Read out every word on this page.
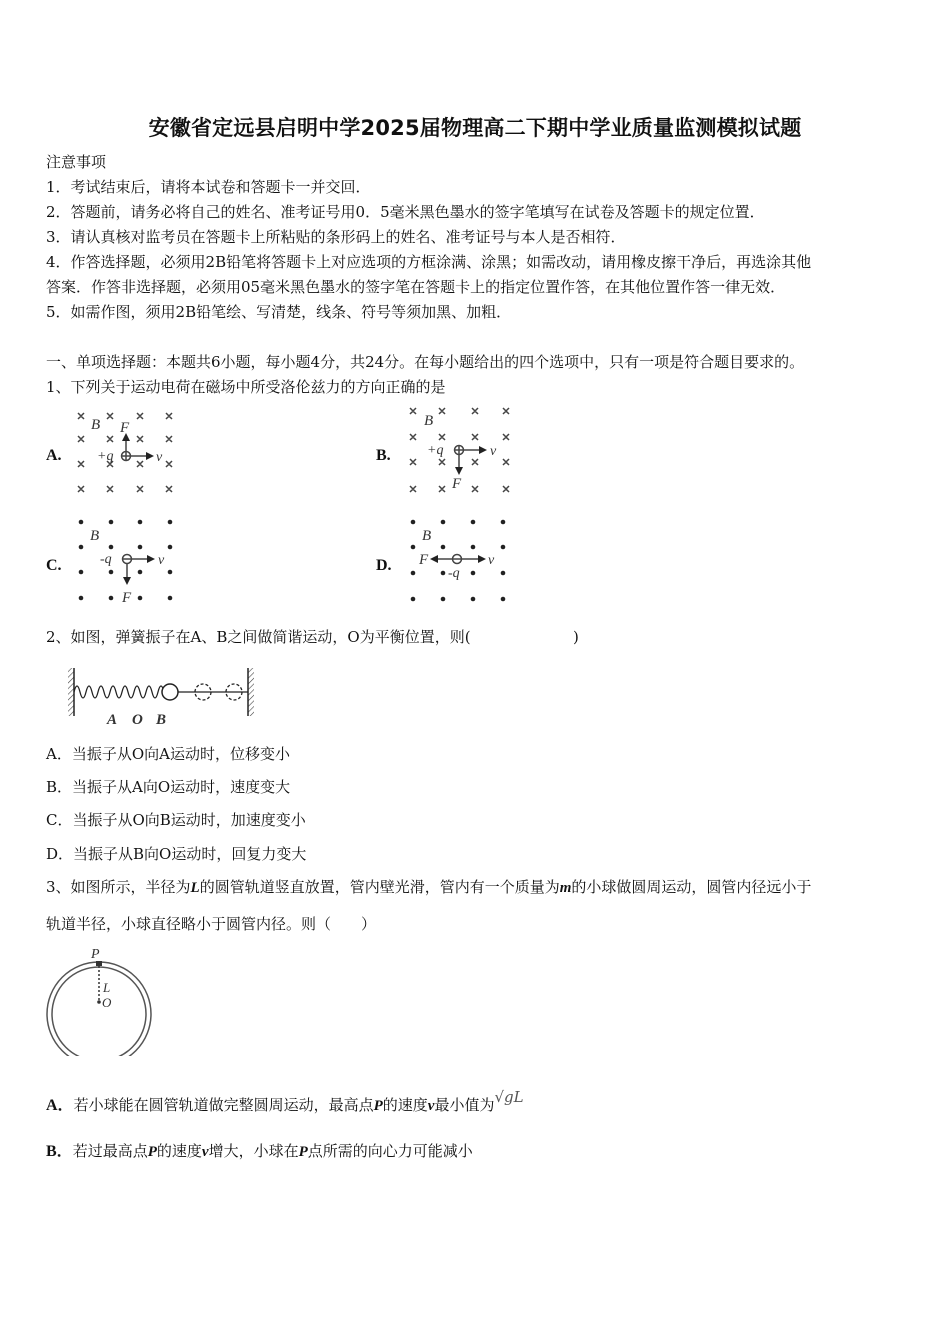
安徽省定远县启明中学2025届物理高二下期中学业质量监测模拟试题
注意事项
1．考试结束后，请将本试卷和答题卡一并交回．
2．答题前，请务必将自己的姓名、准考证号用0．5毫米黑色墨水的签字笔填写在试卷及答题卡的规定位置．
3．请认真核对监考员在答题卡上所粘贴的条形码上的姓名、准考证号与本人是否相符．
4．作答选择题，必须用2B铅笔将答题卡上对应选项的方框涂满、涂黑；如需改动，请用橡皮擦干净后，再选涂其他
答案．作答非选择题，必须用05毫米黑色墨水的签字笔在答题卡上的指定位置作答，在其他位置作答一律无效．
5．如需作图，须用2B铅笔绘、写清楚，线条、符号等须加黑、加粗．
一、单项选择题：本题共6小题，每小题4分，共24分。在每小题给出的四个选项中，只有一项是符合题目要求的。
1、下列关于运动电荷在磁场中所受洛伦兹力的方向正确的是
A.
B F
+q	v	B.
B
+q	v
F
C.
B
-q	v
F
D.
B
F
-q
v
2、如图，弹簧振子在A、B之间做简谐运动，O为平衡位置，则(	)
A O B
A．当振子从O向A运动时，位移变小
B．当振子从A向O运动时，速度变大
C．当振子从O向B运动时，加速度变小
D．当振子从B向O运动时，回复力变大
3、如图所示，半径为L的圆管轨道竖直放置，管内壁光滑，管内有一个质量为m的小球做圆周运动，圆管内径远小于
轨道半径，小球直径略小于圆管内径。则（　　）
P
L
O
A．若小球能在圆管轨道做完整圆周运动，最高点P的速度v最小值为√gL
B．若过最高点P的速度v增大，小球在P点所需的向心力可能减小
